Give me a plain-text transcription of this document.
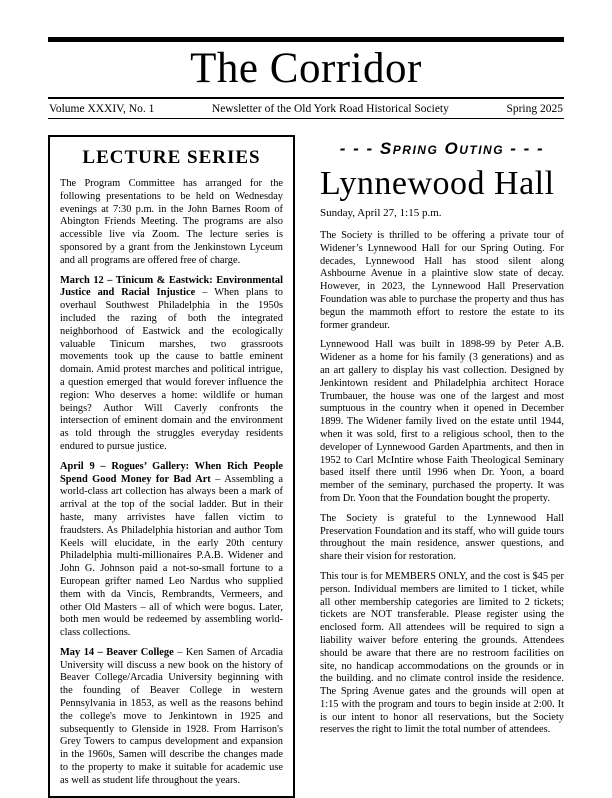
The Corridor
Volume XXXIV, No. 1	Newsletter of the Old York Road Historical Society	Spring 2025
LECTURE SERIES

The Program Committee has arranged for the following presentations to be held on Wednesday evenings at 7:30 p.m. in the John Barnes Room of Abington Friends Meeting. The programs are also accessible live via Zoom. The lecture series is sponsored by a grant from the Jenkinstown Lyceum and all programs are offered free of charge.

March 12 – Tinicum & Eastwick: Environmental Justice and Racial Injustice – When plans to overhaul Southwest Philadelphia in the 1950s included the razing of both the integrated neighborhood of Eastwick and the ecologically valuable Tinicum marshes, two grassroots movements took up the cause to battle eminent domain. Amid protest marches and political intrigue, a question emerged that would forever influence the region: Who deserves a home: wildlife or human beings? Author Will Caverly confronts the intersection of eminent domain and the environment as told through the struggles everyday residents endured to pursue justice.

April 9 – Rogues’ Gallery: When Rich People Spend Good Money for Bad Art – Assembling a world-class art collection has always been a mark of arrival at the top of the social ladder. But in their haste, many arrivistes have fallen victim to fraudsters. As Philadelphia historian and author Tom Keels will elucidate, in the early 20th century Philadelphia multi-millionaires P.A.B. Widener and John G. Johnson paid a not-so-small fortune to a European grifter named Leo Nardus who supplied them with da Vincis, Rembrandts, Vermeers, and other Old Masters – all of which were bogus. Later, both men would be redeemed by assembling world-class collections.

May 14 – Beaver College – Ken Samen of Arcadia University will discuss a new book on the history of Beaver College/Arcadia University beginning with the founding of Beaver College in western Pennsylvania in 1853, as well as the reasons behind the college's move to Jenkintown in 1925 and subsequently to Glenside in 1928. From Harrison's Grey Towers to campus development and expansion in the 1960s, Samen will describe the changes made to the property to make it suitable for academic use as well as student life throughout the years.

- - - Spring Outing - - -
Lynnewood Hall
Sunday, April 27, 1:15 p.m.

The Society is thrilled to be offering a private tour of Widener’s Lynnewood Hall for our Spring Outing. For decades, Lynnewood Hall has stood silent along Ashbourne Avenue in a plaintive slow state of decay. However, in 2023, the Lynnewood Hall Preservation Foundation was able to purchase the property and thus has begun the mammoth effort to restore the estate to its former grandeur.

Lynnewood Hall was built in 1898-99 by Peter A.B. Widener as a home for his family (3 generations) and as an art gallery to display his vast collection. Designed by Jenkintown resident and Philadelphia architect Horace Trumbauer, the house was one of the largest and most sumptuous in the country when it opened in December 1899. The Widener family lived on the estate until 1944, when it was sold, first to a religious school, then to the developer of Lynnewood Garden Apartments, and then in 1952 to Carl McIntire whose Faith Theological Seminary based itself there until 1996 when Dr. Yoon, a board member of the seminary, purchased the property. It was from Dr. Yoon that the Foundation bought the property.

The Society is grateful to the Lynnewood Hall Preservation Foundation and its staff, who will guide tours throughout the main residence, answer questions, and share their vision for restoration.

This tour is for MEMBERS ONLY, and the cost is $45 per person. Individual members are limited to 1 ticket, while all other membership categories are limited to 2 tickets; tickets are NOT transferable. Please register using the enclosed form. All attendees will be required to sign a liability waiver before entering the grounds. Attendees should be aware that there are no restroom facilities on site, no handicap accommodations on the grounds or in the building. and no climate control inside the residence. The Spring Avenue gates and the grounds will open at 1:15 with the program and tours to begin inside at 2:00. It is our intent to honor all reservations, but the Society reserves the right to limit the total number of attendees.
